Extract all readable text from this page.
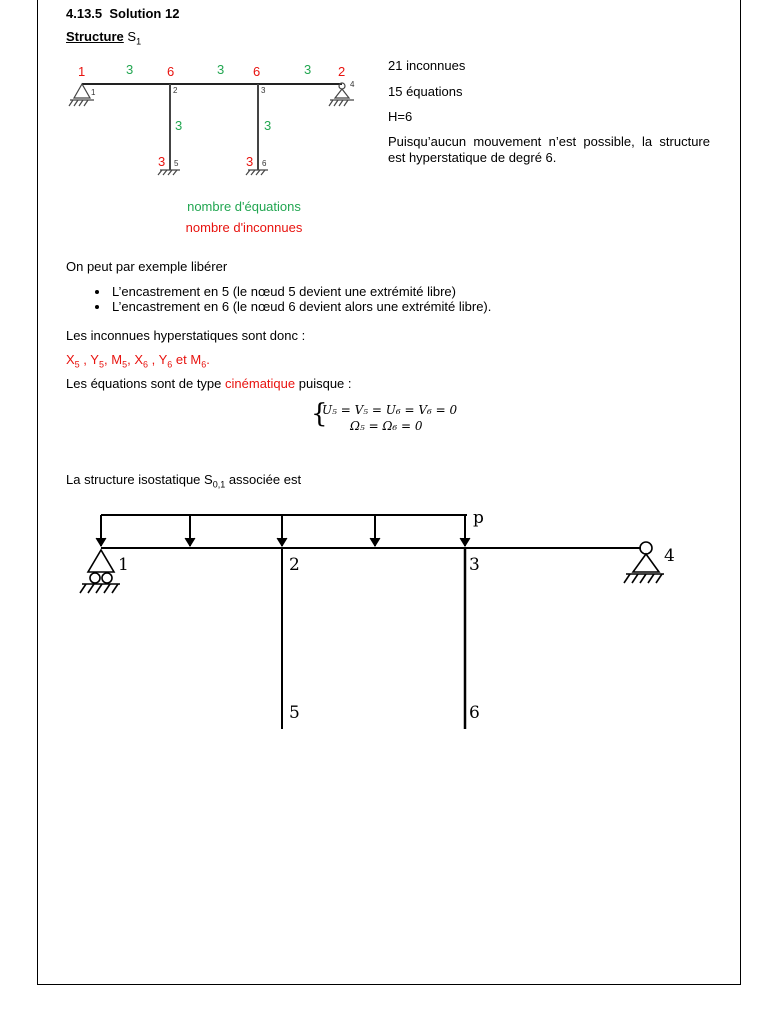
4.13.5 Solution 12
Structure $S_1$
1	3	6	3 6	3 2
1	2	3
4
5	6
3	3
3	3
nombre d'équations
nombre d'inconnues
21 inconnues
15 équations
H=6
Puisqu’aucun mouvement n’est possible, la structure est hyperstatique de degré 6.
On peut par exemple libérer
• L’encastrement en 5 (le nœud 5 devient une extrémité libre)
• L’encastrement en 6 (le nœud 6 devient alors une extrémité libre).
Les inconnues hyperstatiques sont donc :
$X_5$ , $Y_5$, $M_5$, $X_6$ , $Y_6$ et $M_6$.
Les équations sont de type cinématique puisque :
{
U₅ = V₅ = U₆ = V₆ = 0
Ω₅ = Ω₆ = 0
La structure isostatique $S_{0,1}$ associée est
p
1	2	3	4
5	6
